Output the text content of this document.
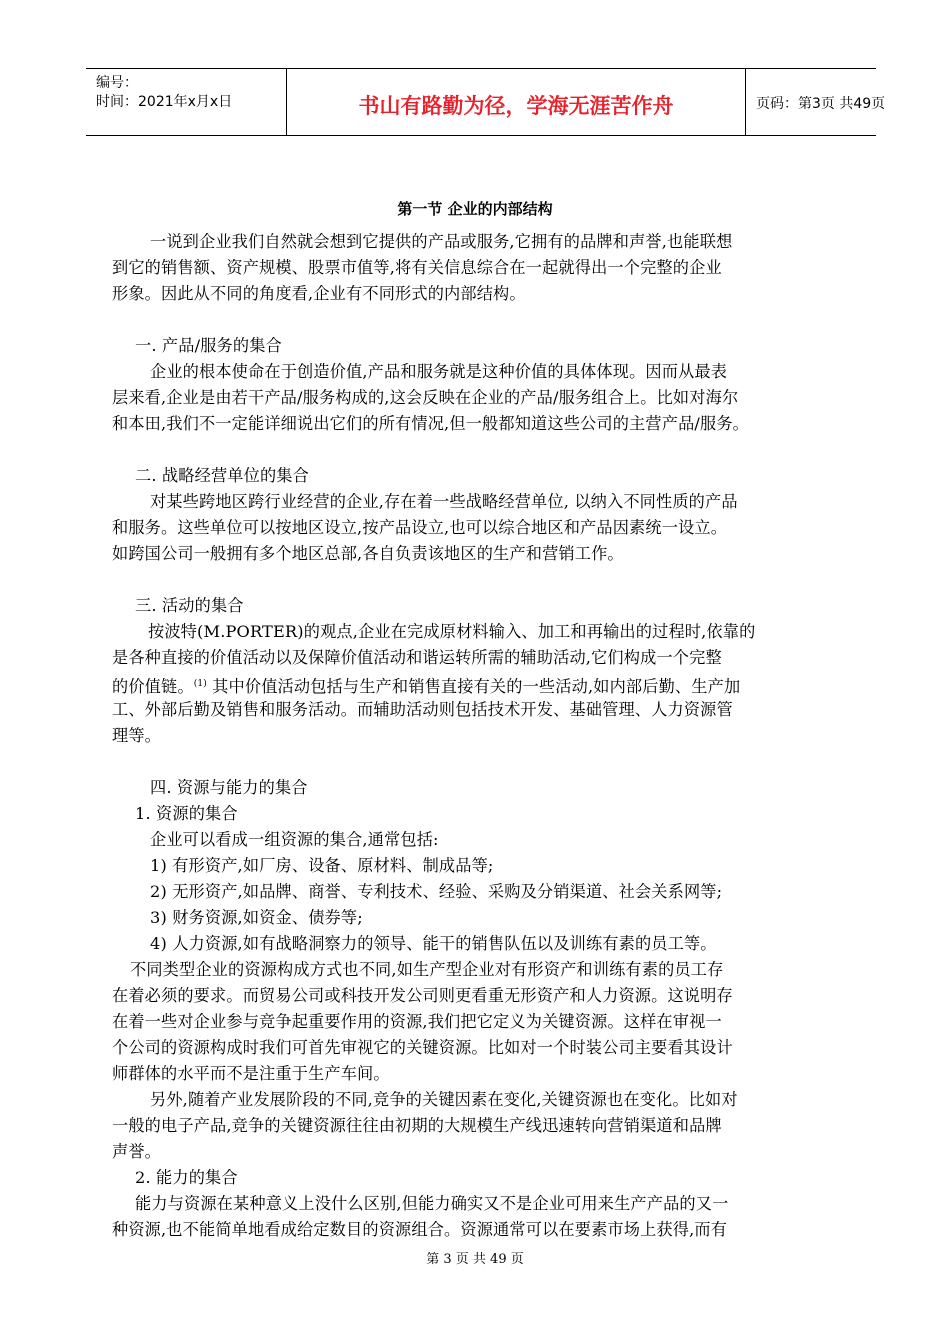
编号：
时间：2021年x月x日	书山有路勤为径，学海无涯苦作舟	页码：第3页 共49页
第一节 企业的内部结构
一说到企业我们自然就会想到它提供的产品或服务,它拥有的品牌和声誉,也能联想
到它的销售额、资产规模、股票市值等,将有关信息综合在一起就得出一个完整的企业
形象。因此从不同的角度看,企业有不同形式的内部结构。
一. 产品/服务的集合
企业的根本使命在于创造价值,产品和服务就是这种价值的具体体现。因而从最表
层来看,企业是由若干产品/服务构成的,这会反映在企业的产品/服务组合上。比如对海尔
和本田,我们不一定能详细说出它们的所有情况,但一般都知道这些公司的主营产品/服务。
二. 战略经营单位的集合
对某些跨地区跨行业经营的企业,存在着一些战略经营单位, 以纳入不同性质的产品
和服务。这些单位可以按地区设立,按产品设立,也可以综合地区和产品因素统一设立。
如跨国公司一般拥有多个地区总部,各自负责该地区的生产和营销工作。
三. 活动的集合
按波特(M.PORTER)的观点,企业在完成原材料输入、加工和再输出的过程时,依靠的
是各种直接的价值活动以及保障价值活动和谐运转所需的辅助活动,它们构成一个完整
的价值链。$^{(1)}$ 其中价值活动包括与生产和销售直接有关的一些活动,如内部后勤、生产加
工、外部后勤及销售和服务活动。而辅助活动则包括技术开发、基础管理、人力资源管
理等。
四. 资源与能力的集合
1. 资源的集合
企业可以看成一组资源的集合,通常包括:
1) 有形资产,如厂房、设备、原材料、制成品等;
2) 无形资产,如品牌、商誉、专利技术、经验、采购及分销渠道、社会关系网等;
3) 财务资源,如资金、债券等;
4) 人力资源,如有战略洞察力的领导、能干的销售队伍以及训练有素的员工等。
不同类型企业的资源构成方式也不同,如生产型企业对有形资产和训练有素的员工存
在着必须的要求。而贸易公司或科技开发公司则更看重无形资产和人力资源。这说明存
在着一些对企业参与竞争起重要作用的资源,我们把它定义为关键资源。这样在审视一
个公司的资源构成时我们可首先审视它的关键资源。比如对一个时装公司主要看其设计
师群体的水平而不是注重于生产车间。
另外,随着产业发展阶段的不同,竞争的关键因素在变化,关键资源也在变化。比如对
一般的电子产品,竞争的关键资源往往由初期的大规模生产线迅速转向营销渠道和品牌
声誉。
2. 能力的集合
能力与资源在某种意义上没什么区别,但能力确实又不是企业可用来生产产品的又一
种资源,也不能简单地看成给定数目的资源组合。资源通常可以在要素市场上获得,而有
第 3 页 共 49 页
